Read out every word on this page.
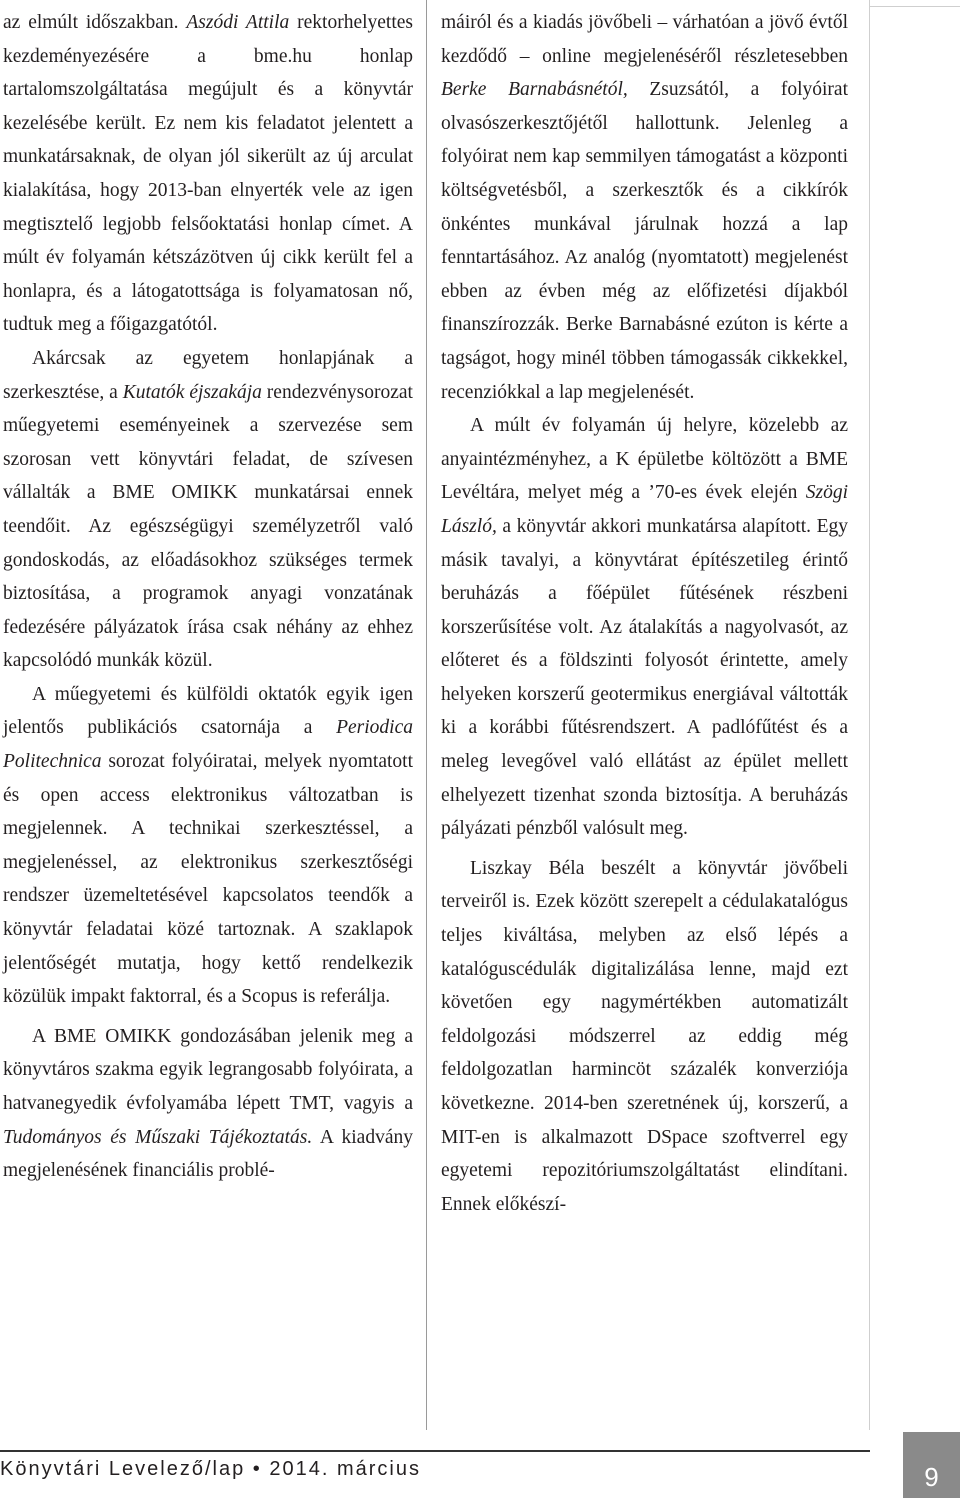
az elmúlt időszakban. Aszódi Attila rektorhelyettes kezdeményezésére a bme.hu honlap tartalomszolgáltatása megújult és a könyvtár kezelésébe került. Ez nem kis feladatot jelentett a munkatársaknak, de olyan jól sikerült az új arculat kialakítása, hogy 2013-ban elnyerték vele az igen megtisztelő legjobb felsőoktatási honlap címet. A múlt év folyamán kétszázötven új cikk került fel a honlapra, és a látogatottsága is folyamatosan nő, tudtuk meg a főigazgatótól.

Akárcsak az egyetem honlapjának a szerkesztése, a Kutatók éjszakája rendezvénysorozat műegyetemi eseményeinek a szervezése sem szorosan vett könyvtári feladat, de szívesen vállalták a BME OMIKK munkatársai ennek teendőit. Az egészségügyi személyzetről való gondoskodás, az előadásokhoz szükséges termek biztosítása, a programok anyagi vonzatának fedezésére pályázatok írása csak néhány az ehhez kapcsolódó munkák közül.

A műegyetemi és külföldi oktatók egyik igen jelentős publikációs csatornája a Periodica Politechnica sorozat folyóiratai, melyek nyomtatott és open access elektronikus változatban is megjelennek. A technikai szerkesztéssel, a megjelenéssel, az elektronikus szerkesztőségi rendszer üzemeltetésével kapcsolatos teendők a könyvtár feladatai közé tartoznak. A szaklapok jelentőségét mutatja, hogy kettő rendelkezik közülük impakt faktorral, és a Scopus is referálja.

A BME OMIKK gondozásában jelenik meg a könyvtáros szakma egyik legrangosabb folyóirata, a hatvanegyedik évfolyamába lépett TMT, vagyis a Tudományos és Műszaki Tájékoztatás. A kiadvány megjelenésének financiális problé-

máiról és a kiadás jövőbeli – várhatóan a jövő évtől kezdődő – online megjelenéséről részletesebben Berke Barnabásnétól, Zsuzsától, a folyóirat olvasószerkesztőjétől hallottunk. Jelenleg a folyóirat nem kap semmilyen támogatást a központi költségvetésből, a szerkesztők és a cikkírók önkéntes munkával járulnak hozzá a lap fenntartásához. Az analóg (nyomtatott) megjelenést ebben az évben még az előfizetési díjakból finanszírozzák. Berke Barnabásné ezúton is kérte a tagságot, hogy minél többen támogassák cikkekkel, recenziókkal a lap megjelenését.

A múlt év folyamán új helyre, közelebb az anyaintézményhez, a K épületbe költözött a BME Levéltára, melyet még a ’70-es évek elején Szögi László, a könyvtár akkori munkatársa alapított. Egy másik tavalyi, a könyvtárat építészetileg érintő beruházás a főépület fűtésének részbeni korszerűsítése volt. Az átalakítás a nagyolvasót, az előteret és a földszinti folyosót érintette, amely helyeken korszerű geotermikus energiával váltották ki a korábbi fűtésrendszert. A padlófűtést és a meleg levegővel való ellátást az épület mellett elhelyezett tizenhat szonda biztosítja. A beruházás pályázati pénzből valósult meg.

Liszkay Béla beszélt a könyvtár jövőbeli terveiről is. Ezek között szerepelt a cédulakatalógus teljes kiváltása, melyben az első lépés a katalóguscédulák digitalizálása lenne, majd ezt követően egy nagymértékben automatizált feldolgozási módszerrel az eddig még feldolgozatlan harmincöt százalék konverziója következne. 2014-ben szeretnének új, korszerű, a MIT-en is alkalmazott DSpace szoftverrel egy egyetemi repozitóriumszolgáltatást elindítani. Ennek előkészí-

Könyvtári Levelező/lap • 2014. március	9
